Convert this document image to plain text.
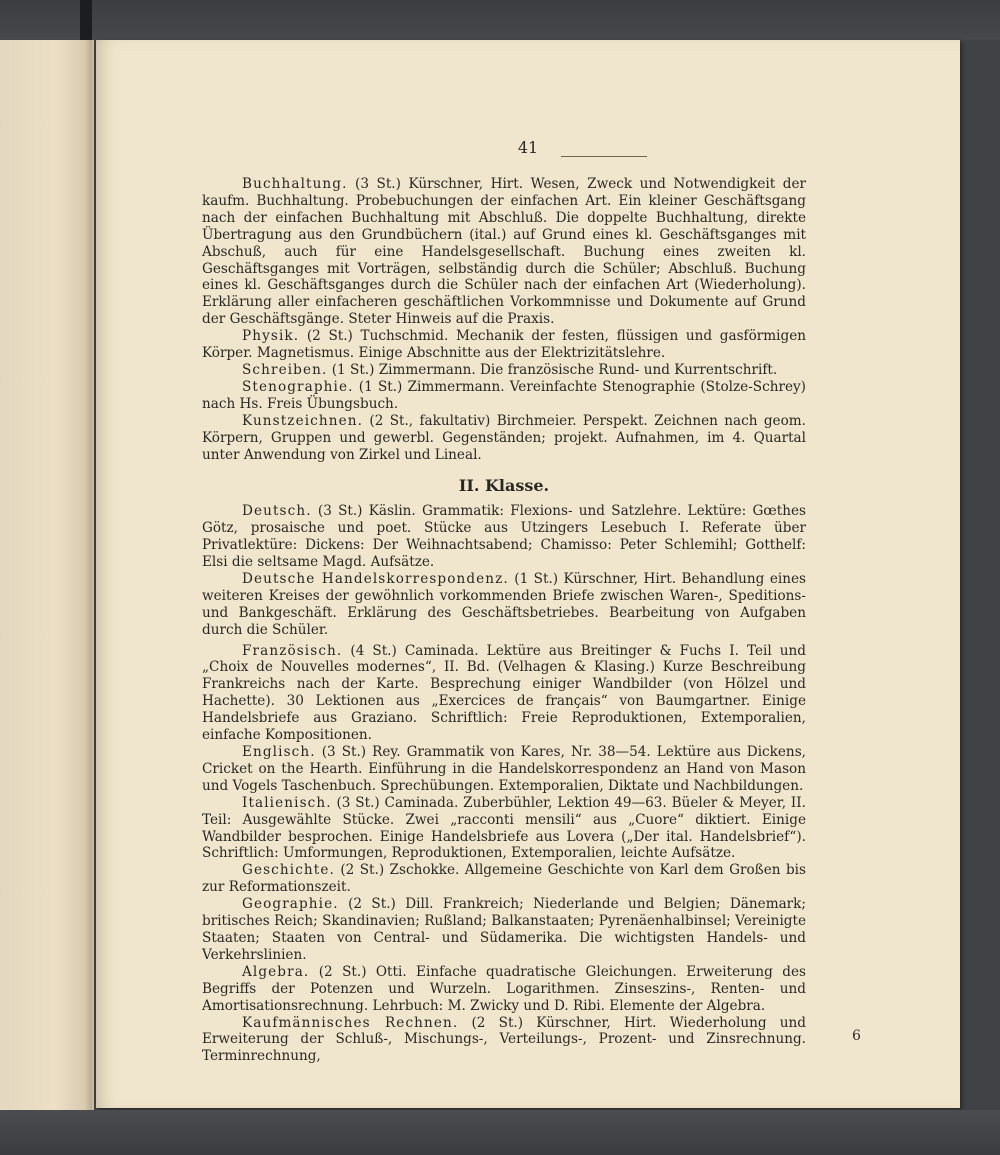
41
6

Buchhaltung. (3 St.) Kürschner, Hirt. Wesen, Zweck und Notwendigkeit der kaufm. Buchhaltung. Probebuchungen der einfachen Art. Ein kleiner Geschäftsgang nach der einfachen Buchhaltung mit Abschluß. Die doppelte Buchhaltung, direkte Übertragung aus den Grundbüchern (ital.) auf Grund eines kl. Geschäftsganges mit Abschuß, auch für eine Handelsgesellschaft. Buchung eines zweiten kl. Geschäftsganges mit Vorträgen, selbständig durch die Schüler; Abschluß. Buchung eines kl. Geschäftsganges durch die Schüler nach der einfachen Art (Wiederholung). Erklärung aller einfacheren geschäftlichen Vorkommnisse und Dokumente auf Grund der Geschäftsgänge. Steter Hinweis auf die Praxis.

Physik. (2 St.) Tuchschmid. Mechanik der festen, flüssigen und gasförmigen Körper. Magnetismus. Einige Abschnitte aus der Elektrizitätslehre.

Schreiben. (1 St.) Zimmermann. Die französische Rund- und Kurrentschrift.

Stenographie. (1 St.) Zimmermann. Vereinfachte Stenographie (Stolze-Schrey) nach Hs. Freis Übungsbuch.

Kunstzeichnen. (2 St., fakultativ) Birchmeier. Perspekt. Zeichnen nach geom. Körpern, Gruppen und gewerbl. Gegenständen; projekt. Aufnahmen, im 4. Quartal unter Anwendung von Zirkel und Lineal.

II. Klasse.

Deutsch. (3 St.) Käslin. Grammatik: Flexions- und Satzlehre. Lektüre: Gœthes Götz, prosaische und poet. Stücke aus Utzingers Lesebuch I. Referate über Privatlektüre: Dickens: Der Weihnachtsabend; Chamisso: Peter Schlemihl; Gotthelf: Elsi die seltsame Magd. Aufsätze.

Deutsche Handelskorrespondenz. (1 St.) Kürschner, Hirt. Behandlung eines weiteren Kreises der gewöhnlich vorkommenden Briefe zwischen Waren-, Speditions- und Bankgeschäft. Erklärung des Geschäftsbetriebes. Bearbeitung von Aufgaben durch die Schüler.

Französisch. (4 St.) Caminada. Lektüre aus Breitinger & Fuchs I. Teil und „Choix de Nouvelles modernes“, II. Bd. (Velhagen & Klasing.) Kurze Beschreibung Frankreichs nach der Karte. Besprechung einiger Wandbilder (von Hölzel und Hachette). 30 Lektionen aus „Exercices de français“ von Baumgartner. Einige Handelsbriefe aus Graziano. Schriftlich: Freie Reproduktionen, Extemporalien, einfache Kompositionen.

Englisch. (3 St.) Rey. Grammatik von Kares, Nr. 38—54. Lektüre aus Dickens, Cricket on the Hearth. Einführung in die Handelskorrespondenz an Hand von Mason und Vogels Taschenbuch. Sprechübungen. Extemporalien, Diktate und Nachbildungen.

Italienisch. (3 St.) Caminada. Zuberbühler, Lektion 49—63. Büeler & Meyer, II. Teil: Ausgewählte Stücke. Zwei „racconti mensili“ aus „Cuore“ diktiert. Einige Wandbilder besprochen. Einige Handelsbriefe aus Lovera („Der ital. Handelsbrief“). Schriftlich: Umformungen, Reproduktionen, Extemporalien, leichte Aufsätze.

Geschichte. (2 St.) Zschokke. Allgemeine Geschichte von Karl dem Großen bis zur Reformationszeit.

Geographie. (2 St.) Dill. Frankreich; Niederlande und Belgien; Dänemark; britisches Reich; Skandinavien; Rußland; Balkanstaaten; Pyrenäenhalbinsel; Vereinigte Staaten; Staaten von Central- und Südamerika. Die wichtigsten Handels- und Verkehrslinien.

Algebra. (2 St.) Otti. Einfache quadratische Gleichungen. Erweiterung des Begriffs der Potenzen und Wurzeln. Logarithmen. Zinseszins-, Renten- und Amortisationsrechnung. Lehrbuch: M. Zwicky und D. Ribi. Elemente der Algebra.

Kaufmännisches Rechnen. (2 St.) Kürschner, Hirt. Wiederholung und Erweiterung der Schluß-, Mischungs-, Verteilungs-, Prozent- und Zinsrechnung. Terminrechnung,
